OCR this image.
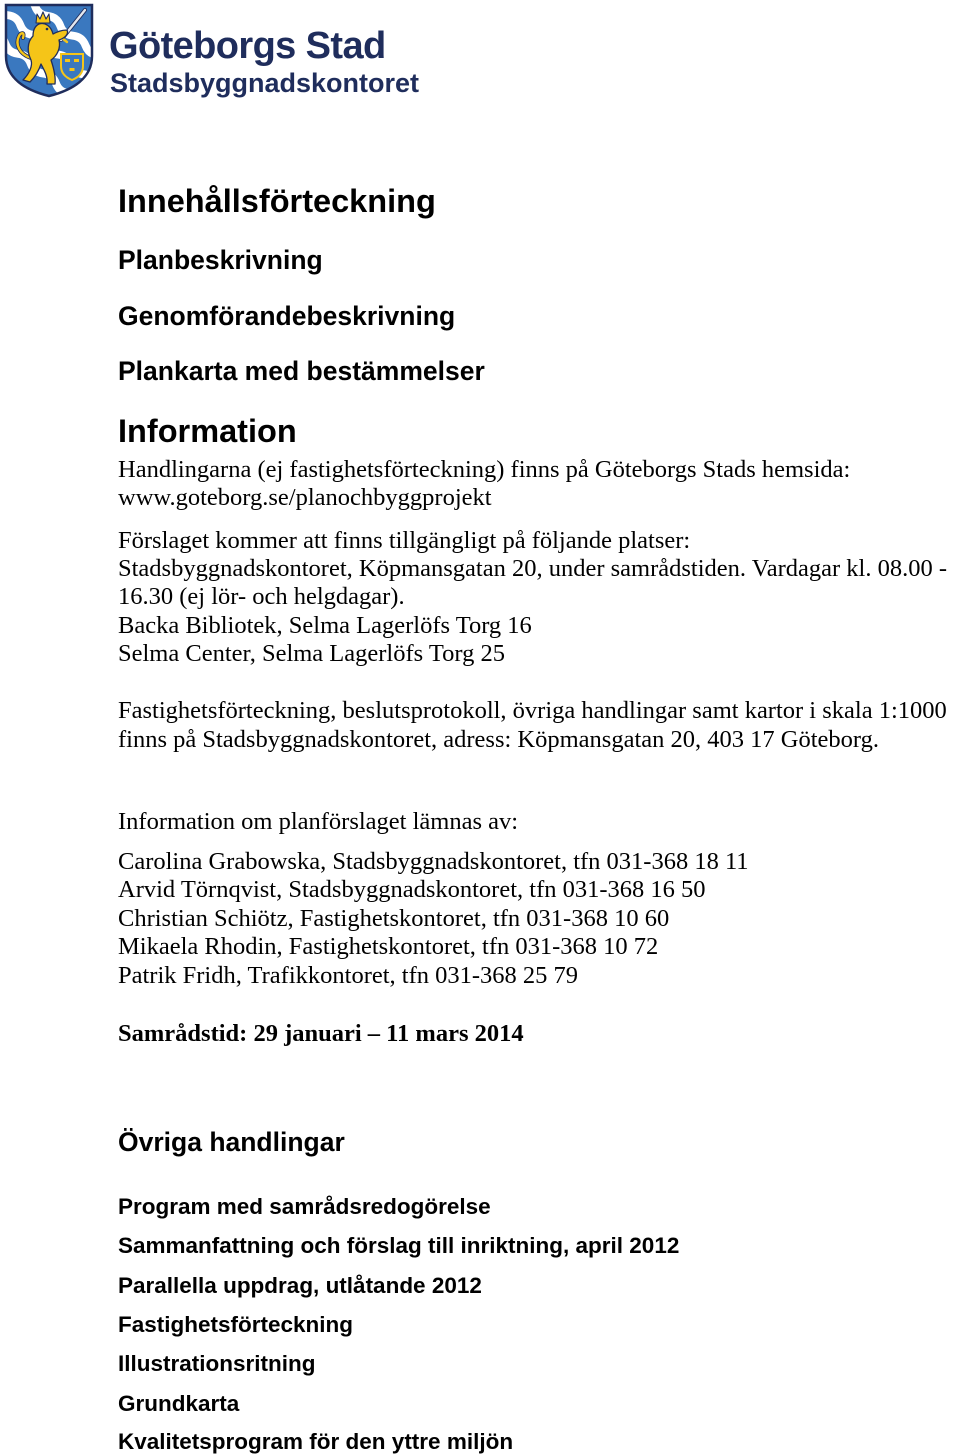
Göteborgs Stad
Stadsbyggnadskontoret
Innehållsförteckning
Planbeskrivning
Genomförandebeskrivning
Plankarta med bestämmelser
Information
Handlingarna (ej fastighetsförteckning) finns på Göteborgs Stads hemsida:
www.goteborg.se/planochbyggprojekt
Förslaget kommer att finns tillgängligt på följande platser:
Stadsbyggnadskontoret, Köpmansgatan 20, under samrådstiden. Vardagar kl. 08.00 -
16.30 (ej lör- och helgdagar).
Backa Bibliotek, Selma Lagerlöfs Torg 16
Selma Center, Selma Lagerlöfs Torg 25
Fastighetsförteckning, beslutsprotokoll, övriga handlingar samt kartor i skala 1:1000
finns på Stadsbyggnadskontoret, adress: Köpmansgatan 20, 403 17 Göteborg.
Information om planförslaget lämnas av:
Carolina Grabowska, Stadsbyggnadskontoret, tfn 031-368 18 11
Arvid Törnqvist, Stadsbyggnadskontoret, tfn 031-368 16 50
Christian Schiötz, Fastighetskontoret, tfn 031-368 10 60
Mikaela Rhodin, Fastighetskontoret, tfn 031-368 10 72
Patrik Fridh, Trafikkontoret, tfn 031-368 25 79
Samrådstid: 29 januari – 11 mars 2014
Övriga handlingar
Program med samrådsredogörelse
Sammanfattning och förslag till inriktning, april 2012
Parallella uppdrag, utlåtande 2012
Fastighetsförteckning
Illustrationsritning
Grundkarta
Kvalitetsprogram för den yttre miljön
